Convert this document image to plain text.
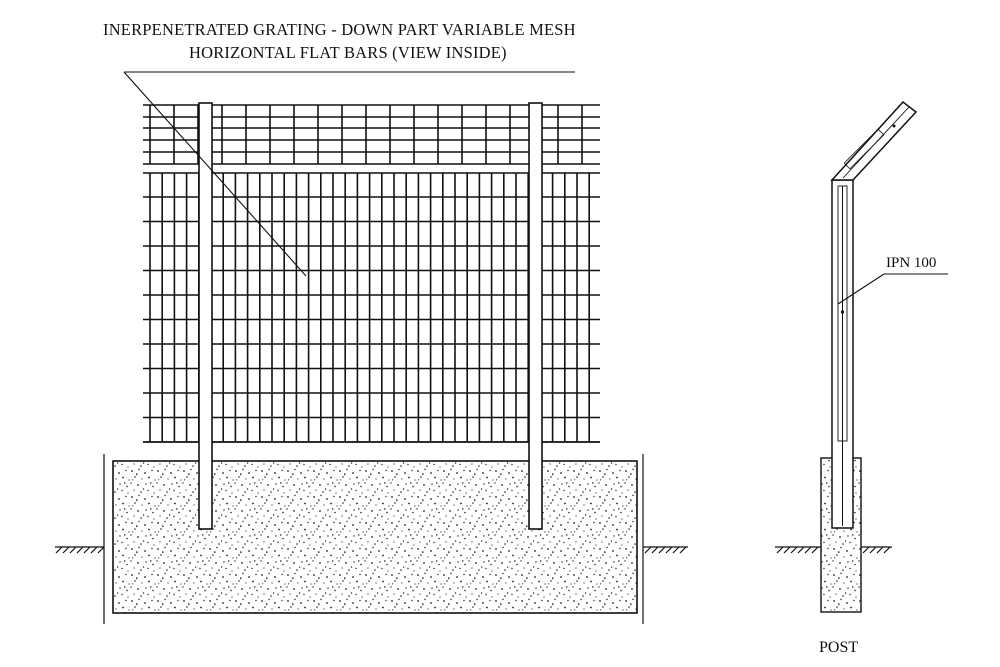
INERPENETRATED GRATING - DOWN PART VARIABLE MESH
HORIZONTAL FLAT BARS (VIEW INSIDE)
IPN 100
POST
